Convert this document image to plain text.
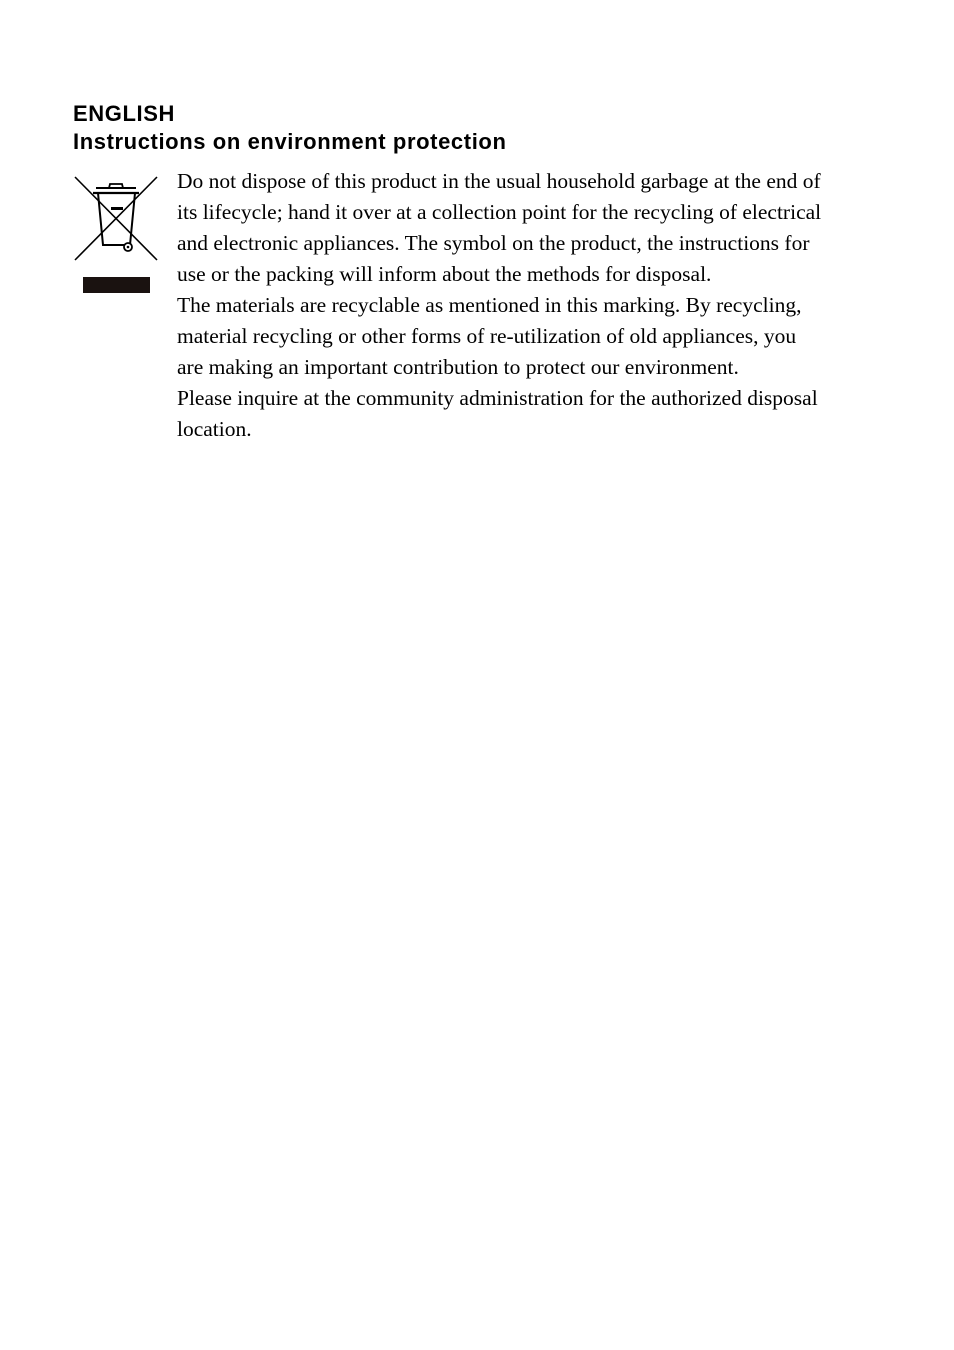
ENGLISH
Instructions on environment protection
Do not dispose of this product in the usual household garbage at the end of
its lifecycle; hand it over at a collection point for the recycling of electrical
and electronic appliances. The symbol on the product, the instructions for
use or the packing will inform about the methods for disposal.
The materials are recyclable as mentioned in this marking. By recycling,
material recycling or other forms of re-utilization of old appliances, you
are making an important contribution to protect our environment.
Please inquire at the community administration for the authorized disposal
location.
